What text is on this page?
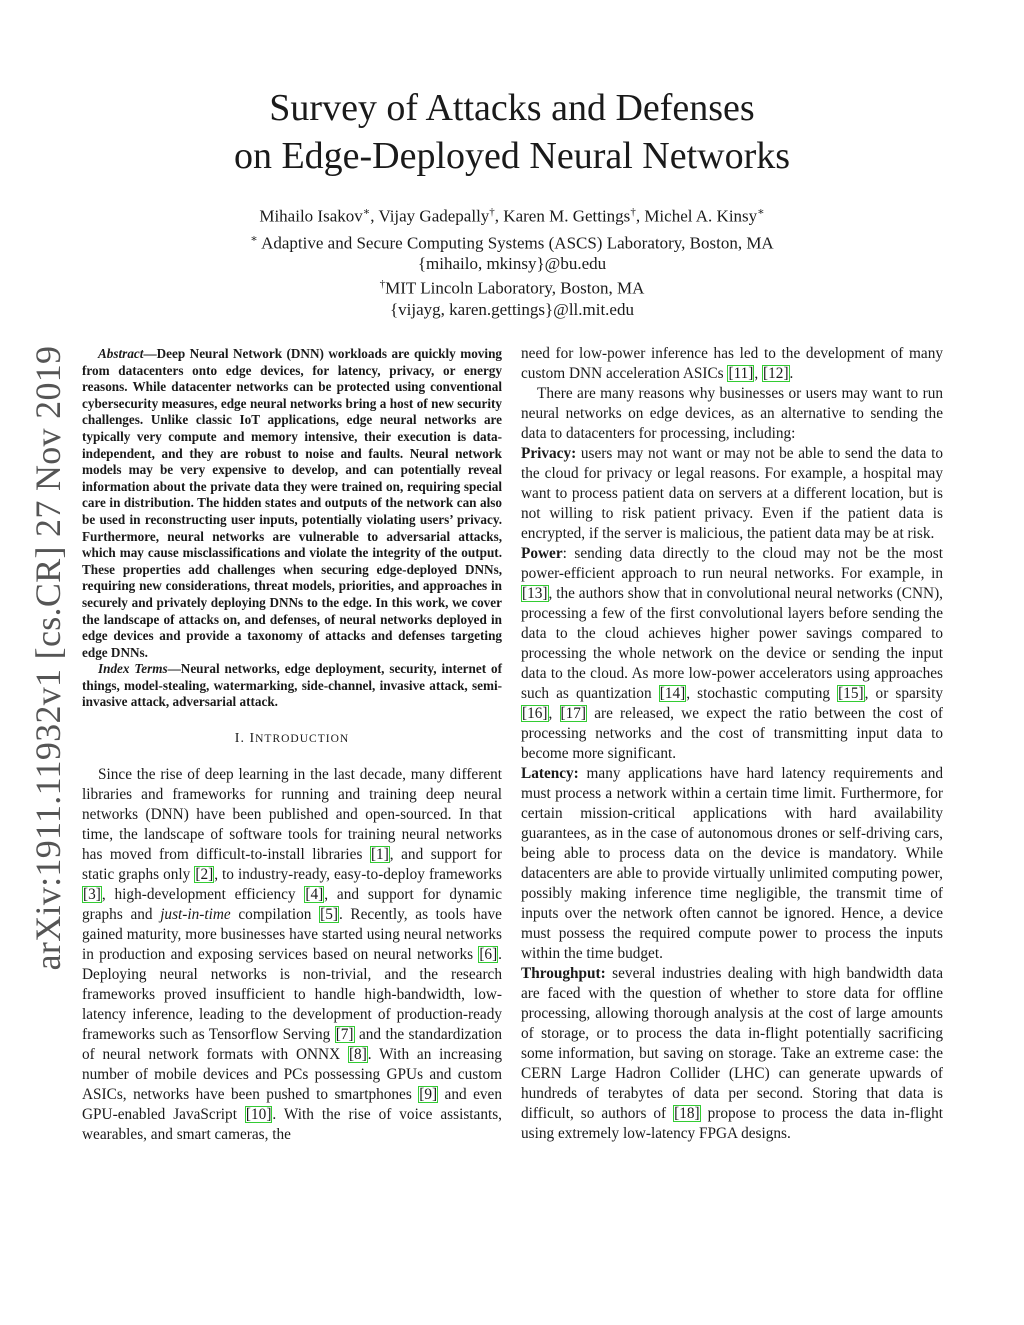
arXiv:1911.11932v1 [cs.CR] 27 Nov 2019
Survey of Attacks and Defenses
on Edge-Deployed Neural Networks
Mihailo Isakov∗, Vijay Gadepally†, Karen M. Gettings†, Michel A. Kinsy∗
∗ Adaptive and Secure Computing Systems (ASCS) Laboratory, Boston, MA
{mihailo, mkinsy}@bu.edu
†MIT Lincoln Laboratory, Boston, MA
{vijayg, karen.gettings}@ll.mit.edu

Abstract—Deep Neural Network (DNN) workloads are quickly moving from datacenters onto edge devices, for latency, privacy, or energy reasons. While datacenter networks can be protected using conventional cybersecurity measures, edge neural networks bring a host of new security challenges. Unlike classic IoT applications, edge neural networks are typically very compute and memory intensive, their execution is data-independent, and they are robust to noise and faults. Neural network models may be very expensive to develop, and can potentially reveal information about the private data they were trained on, requiring special care in distribution. The hidden states and outputs of the network can also be used in reconstructing user inputs, potentially violating users’ privacy. Furthermore, neural networks are vulnerable to adversarial attacks, which may cause misclassifications and violate the integrity of the output. These properties add challenges when securing edge-deployed DNNs, requiring new considerations, threat models, priorities, and approaches in securely and privately deploying DNNs to the edge. In this work, we cover the landscape of attacks on, and defenses, of neural networks deployed in edge devices and provide a taxonomy of attacks and defenses targeting edge DNNs.

Index Terms—Neural networks, edge deployment, security, internet of things, model-stealing, watermarking, side-channel, invasive attack, semi-invasive attack, adversarial attack.

I. INTRODUCTION

Since the rise of deep learning in the last decade, many different libraries and frameworks for running and training deep neural networks (DNN) have been published and open-sourced. In that time, the landscape of software tools for training neural networks has moved from difficult-to-install libraries [1], and support for static graphs only [2], to industry-ready, easy-to-deploy frameworks [3], high-development efficiency [4], and support for dynamic graphs and just-in-time compilation [5]. Recently, as tools have gained maturity, more businesses have started using neural networks in production and exposing services based on neural networks [6]. Deploying neural networks is non-trivial, and the research frameworks proved insufficient to handle high-bandwidth, low-latency inference, leading to the development of production-ready frameworks such as Tensorflow Serving [7] and the standardization of neural network formats with ONNX [8]. With an increasing number of mobile devices and PCs possessing GPUs and custom ASICs, networks have been pushed to smartphones [9] and even GPU-enabled JavaScript [10]. With the rise of voice assistants, wearables, and smart cameras, the

need for low-power inference has led to the development of many custom DNN acceleration ASICs [11], [12].

There are many reasons why businesses or users may want to run neural networks on edge devices, as an alternative to sending the data to datacenters for processing, including:

Privacy: users may not want or may not be able to send the data to the cloud for privacy or legal reasons. For example, a hospital may want to process patient data on servers at a different location, but is not willing to risk patient privacy. Even if the patient data is encrypted, if the server is malicious, the patient data may be at risk.

Power: sending data directly to the cloud may not be the most power-efficient approach to run neural networks. For example, in [13], the authors show that in convolutional neural networks (CNN), processing a few of the first convolutional layers before sending the data to the cloud achieves higher power savings compared to processing the whole network on the device or sending the input data to the cloud. As more low-power accelerators using approaches such as quantization [14], stochastic computing [15], or sparsity [16], [17] are released, we expect the ratio between the cost of processing networks and the cost of transmitting input data to become more significant.

Latency: many applications have hard latency requirements and must process a network within a certain time limit. Furthermore, for certain mission-critical applications with hard availability guarantees, as in the case of autonomous drones or self-driving cars, being able to process data on the device is mandatory. While datacenters are able to provide virtually unlimited computing power, possibly making inference time negligible, the transmit time of inputs over the network often cannot be ignored. Hence, a device must possess the required compute power to process the inputs within the time budget.

Throughput: several industries dealing with high bandwidth data are faced with the question of whether to store data for offline processing, allowing thorough analysis at the cost of large amounts of storage, or to process the data in-flight potentially sacrificing some information, but saving on storage. Take an extreme case: the CERN Large Hadron Collider (LHC) can generate upwards of hundreds of terabytes of data per second. Storing that data is difficult, so authors of [18] propose to process the data in-flight using extremely low-latency FPGA designs.
